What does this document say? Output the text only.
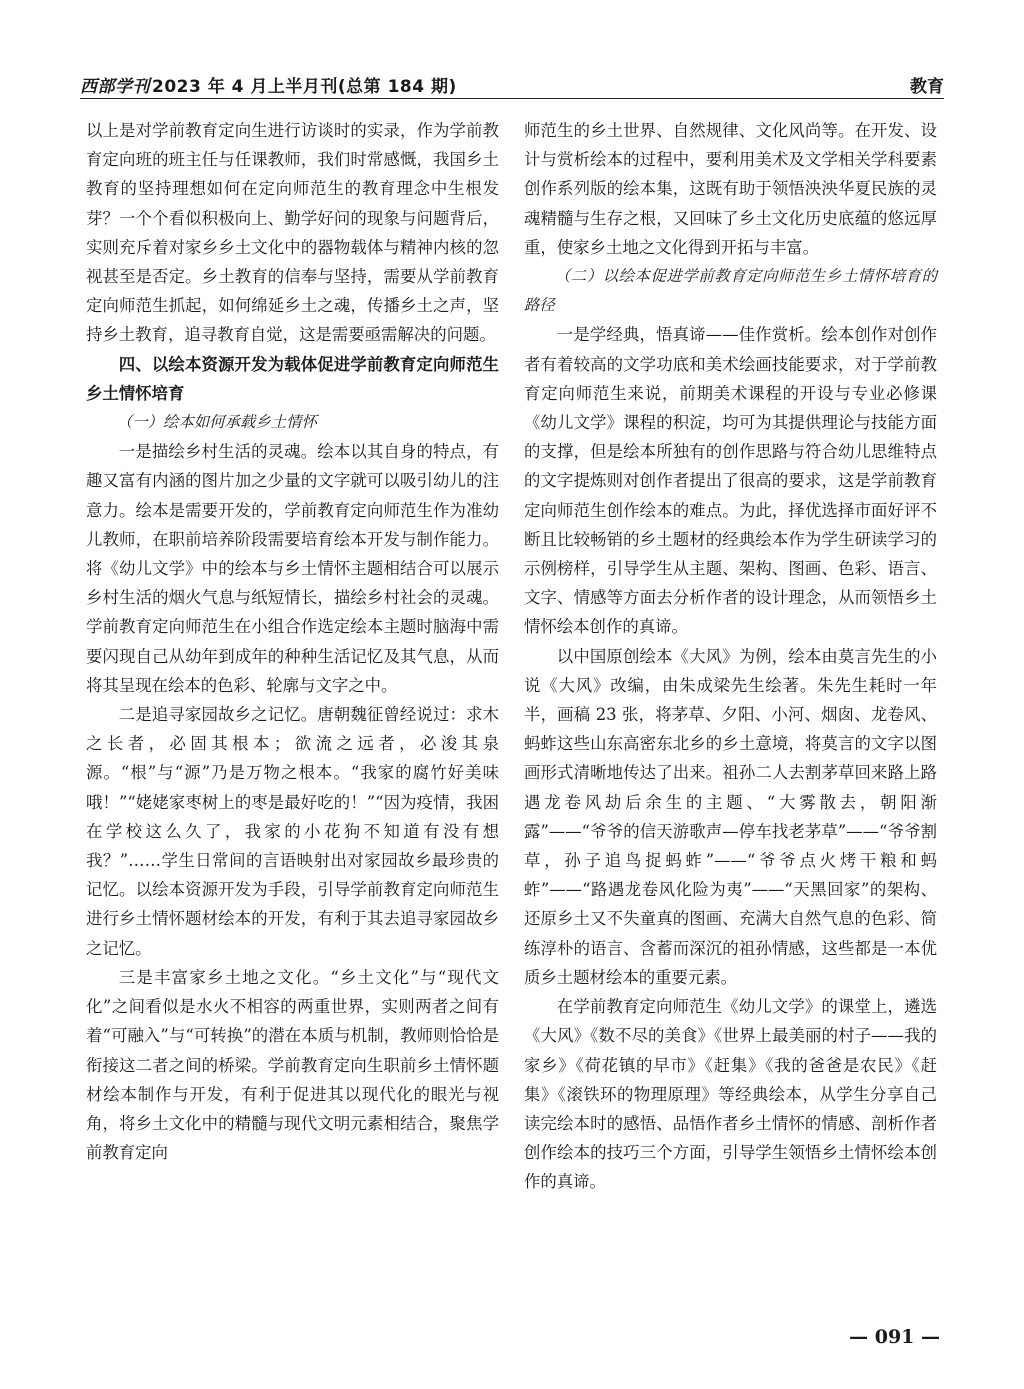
西部学刊 2023 年 4 月上半月刊(总第 184 期)	教育

以上是对学前教育定向生进行访谈时的实录，作为学前教育定向班的班主任与任课教师，我们时常感慨，我国乡土教育的坚持理想如何在定向师范生的教育理念中生根发芽？一个个看似积极向上、勤学好问的现象与问题背后，实则充斥着对家乡乡土文化中的器物载体与精神内核的忽视甚至是否定。乡土教育的信奉与坚持，需要从学前教育定向师范生抓起，如何绵延乡土之魂，传播乡土之声，坚持乡土教育，追寻教育自觉，这是需要亟需解决的问题。

四、以绘本资源开发为载体促进学前教育定向师范生乡土情怀培育
（一）绘本如何承载乡土情怀

一是描绘乡村生活的灵魂。绘本以其自身的特点，有趣又富有内涵的图片加之少量的文字就可以吸引幼儿的注意力。绘本是需要开发的，学前教育定向师范生作为准幼儿教师，在职前培养阶段需要培育绘本开发与制作能力。将《幼儿文学》中的绘本与乡土情怀主题相结合可以展示乡村生活的烟火气息与纸短情长，描绘乡村社会的灵魂。学前教育定向师范生在小组合作选定绘本主题时脑海中需要闪现自己从幼年到成年的种种生活记忆及其气息，从而将其呈现在绘本的色彩、轮廓与文字之中。

二是追寻家园故乡之记忆。唐朝魏征曾经说过：求木之长者，必固其根本；欲流之远者，必浚其泉源。“根”与“源”乃是万物之根本。“我家的腐竹好美味哦！”“姥姥家枣树上的枣是最好吃的！”“因为疫情，我困在学校这么久了，我家的小花狗不知道有没有想我？”……学生日常间的言语映射出对家园故乡最珍贵的记忆。以绘本资源开发为手段，引导学前教育定向师范生进行乡土情怀题材绘本的开发，有利于其去追寻家园故乡之记忆。

三是丰富家乡土地之文化。“乡土文化”与“现代文化”之间看似是水火不相容的两重世界，实则两者之间有着“可融入”与“可转换”的潜在本质与机制，教师则恰恰是衔接这二者之间的桥梁。学前教育定向生职前乡土情怀题材绘本制作与开发，有利于促进其以现代化的眼光与视角，将乡土文化中的精髓与现代文明元素相结合，聚焦学前教育定向

师范生的乡土世界、自然规律、文化风尚等。在开发、设计与赏析绘本的过程中，要利用美术及文学相关学科要素创作系列版的绘本集，这既有助于领悟泱泱华夏民族的灵魂精髓与生存之根，又回味了乡土文化历史底蕴的悠远厚重，使家乡土地之文化得到开拓与丰富。

（二）以绘本促进学前教育定向师范生乡土情怀培育的路径

一是学经典，悟真谛——佳作赏析。绘本创作对创作者有着较高的文学功底和美术绘画技能要求，对于学前教育定向师范生来说，前期美术课程的开设与专业必修课《幼儿文学》课程的积淀，均可为其提供理论与技能方面的支撑，但是绘本所独有的创作思路与符合幼儿思维特点的文字提炼则对创作者提出了很高的要求，这是学前教育定向师范生创作绘本的难点。为此，择优选择市面好评不断且比较畅销的乡土题材的经典绘本作为学生研读学习的示例榜样，引导学生从主题、架构、图画、色彩、语言、文字、情感等方面去分析作者的设计理念，从而领悟乡土情怀绘本创作的真谛。

以中国原创绘本《大风》为例，绘本由莫言先生的小说《大风》改编，由朱成梁先生绘著。朱先生耗时一年半，画稿 23 张，将茅草、夕阳、小河、烟囱、龙卷风、蚂蚱这些山东高密东北乡的乡土意境，将莫言的文字以图画形式清晰地传达了出来。祖孙二人去割茅草回来路上路遇龙卷风劫后余生的主题、“大雾散去，朝阳渐露”——“爷爷的信天游歌声—停车找老茅草”——“爷爷割草，孙子追鸟捉蚂蚱”——“爷爷点火烤干粮和蚂蚱”——“路遇龙卷风化险为夷”——“天黑回家”的架构、还原乡土又不失童真的图画、充满大自然气息的色彩、简练淳朴的语言、含蓄而深沉的祖孙情感，这些都是一本优质乡土题材绘本的重要元素。

在学前教育定向师范生《幼儿文学》的课堂上，遴选《大风》《数不尽的美食》《世界上最美丽的村子——我的家乡》《荷花镇的早市》《赶集》《我的爸爸是农民》《赶集》《滚铁环的物理原理》等经典绘本，从学生分享自己读完绘本时的感悟、品悟作者乡土情怀的情感、剖析作者创作绘本的技巧三个方面，引导学生领悟乡土情怀绘本创作的真谛。

— 091 —
